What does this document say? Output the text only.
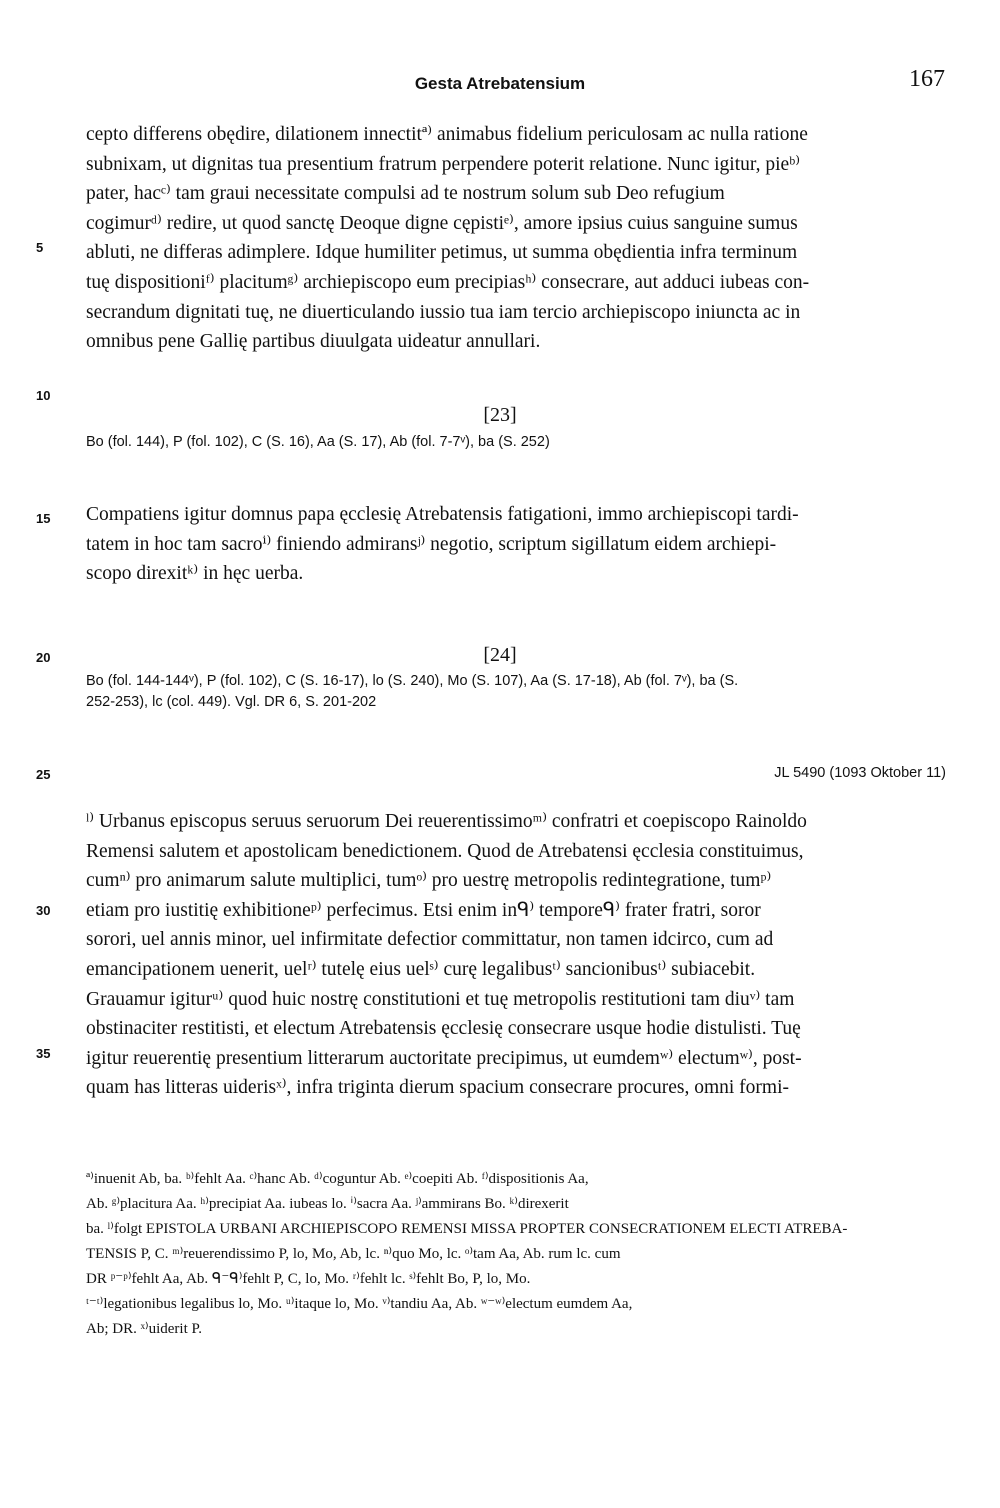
Gesta Atrebatensium	167
5
10
15
20
25
30
35
cepto differens obędire, dilationem innectitª⁾ animabus fidelium periculosam ac nulla ratione
subnixam, ut dignitas tua presentium fratrum perpendere poterit relatione. Nunc igitur, pieᵇ⁾
pater, hacᶜ⁾ tam graui necessitate compulsi ad te nostrum solum sub Deo refugium
cogimurᵈ⁾ redire, ut quod sanctę Deoque digne cępistiᵉ⁾, amore ipsius cuius sanguine sumus
abluti, ne differas adimplere. Idque humiliter petimus, ut summa obędientia infra terminum
tuę dispositioniᶠ⁾ placitumᵍ⁾ archiepiscopo eum precipiasʰ⁾ consecrare, aut adduci iubeas con-
secrandum dignitati tuę, ne diuerticulando iussio tua iam tercio archiepiscopo iniuncta ac in
omnibus pene Gallię partibus diuulgata uideatur annullari.
[23]
Bo (fol. 144), P (fol. 102), C (S. 16), Aa (S. 17), Ab (fol. 7-7ᵛ), ba (S. 252)
Compatiens igitur domnus papa ęcclesię Atrebatensis fatigationi, immo archiepiscopi tardi-
tatem in hoc tam sacroⁱ⁾ finiendo admiransʲ⁾ negotio, scriptum sigillatum eidem archiepi-
scopo direxitᵏ⁾ in hęc uerba.
[24]
Bo (fol. 144-144ᵛ), P (fol. 102), C (S. 16-17), lo (S. 240), Mo (S. 107), Aa (S. 17-18), Ab (fol. 7ᵛ), ba (S.
252-253), lc (col. 449). Vgl. DR 6, S. 201-202
JL 5490 (1093 Oktober 11)
ˡ⁾ Urbanus episcopus seruus seruorum Dei reuerentissimoᵐ⁾ confratri et coepiscopo Rainoldo
Remensi salutem et apostolicam benedictionem. Quod de Atrebatensi ęcclesia constituimus,
cumⁿ⁾ pro animarum salute multiplici, tumᵒ⁾ pro uestrę metropolis redintegratione, tumᵖ⁾
etiam pro iustitię exhibitioneᵖ⁾ perfecimus. Etsi enim inᑫ⁾ temporeᑫ⁾ frater fratri, soror
sorori, uel annis minor, uel infirmitate defectior committatur, non tamen idcirco, cum ad
emancipationem uenerit, uelʳ⁾ tutelę eius uelˢ⁾ curę legalibusᵗ⁾ sancionibusᵗ⁾ subiacebit.
Grauamur igiturᵘ⁾ quod huic nostrę constitutioni et tuę metropolis restitutioni tam diuᵛ⁾ tam
obstinaciter restitisti, et electum Atrebatensis ęcclesię consecrare usque hodie distulisti. Tuę
igitur reuerentię presentium litterarum auctoritate precipimus, ut eumdemʷ⁾ electumʷ⁾, post-
quam has litteras uiderisˣ⁾, infra triginta dierum spacium consecrare procures, omni formi-
ª⁾inuenit Ab, ba. ᵇ⁾fehlt Aa. ᶜ⁾hanc Ab. ᵈ⁾coguntur Ab. ᵉ⁾coepiti Ab. ᶠ⁾dispositionis Aa,
Ab. ᵍ⁾placitura Aa. ʰ⁾precipiat Aa. iubeas lo. ⁱ⁾sacra Aa. ʲ⁾ammirans Bo. ᵏ⁾direxerit
ba. ˡ⁾folgt EPISTOLA URBANI ARCHIEPISCOPO REMENSI MISSA PROPTER CONSECRATIONEM ELECTI ATREBA-
TENSIS P, C. ᵐ⁾reuerendissimo P, lo, Mo, Ab, lc. ⁿ⁾quo Mo, lc. ᵒ⁾tam Aa, Ab. rum lc. cum
DR ᵖ⁻ᵖ⁾fehlt Aa, Ab. ᑫ⁻ᑫ⁾fehlt P, C, lo, Mo. ʳ⁾fehlt lc. ˢ⁾fehlt Bo, P, lo, Mo.
ᵗ⁻ᵗ⁾legationibus legalibus lo, Mo. ᵘ⁾itaque lo, Mo. ᵛ⁾tandiu Aa, Ab. ʷ⁻ʷ⁾electum eumdem Aa,
Ab; DR. ˣ⁾uiderit P.
